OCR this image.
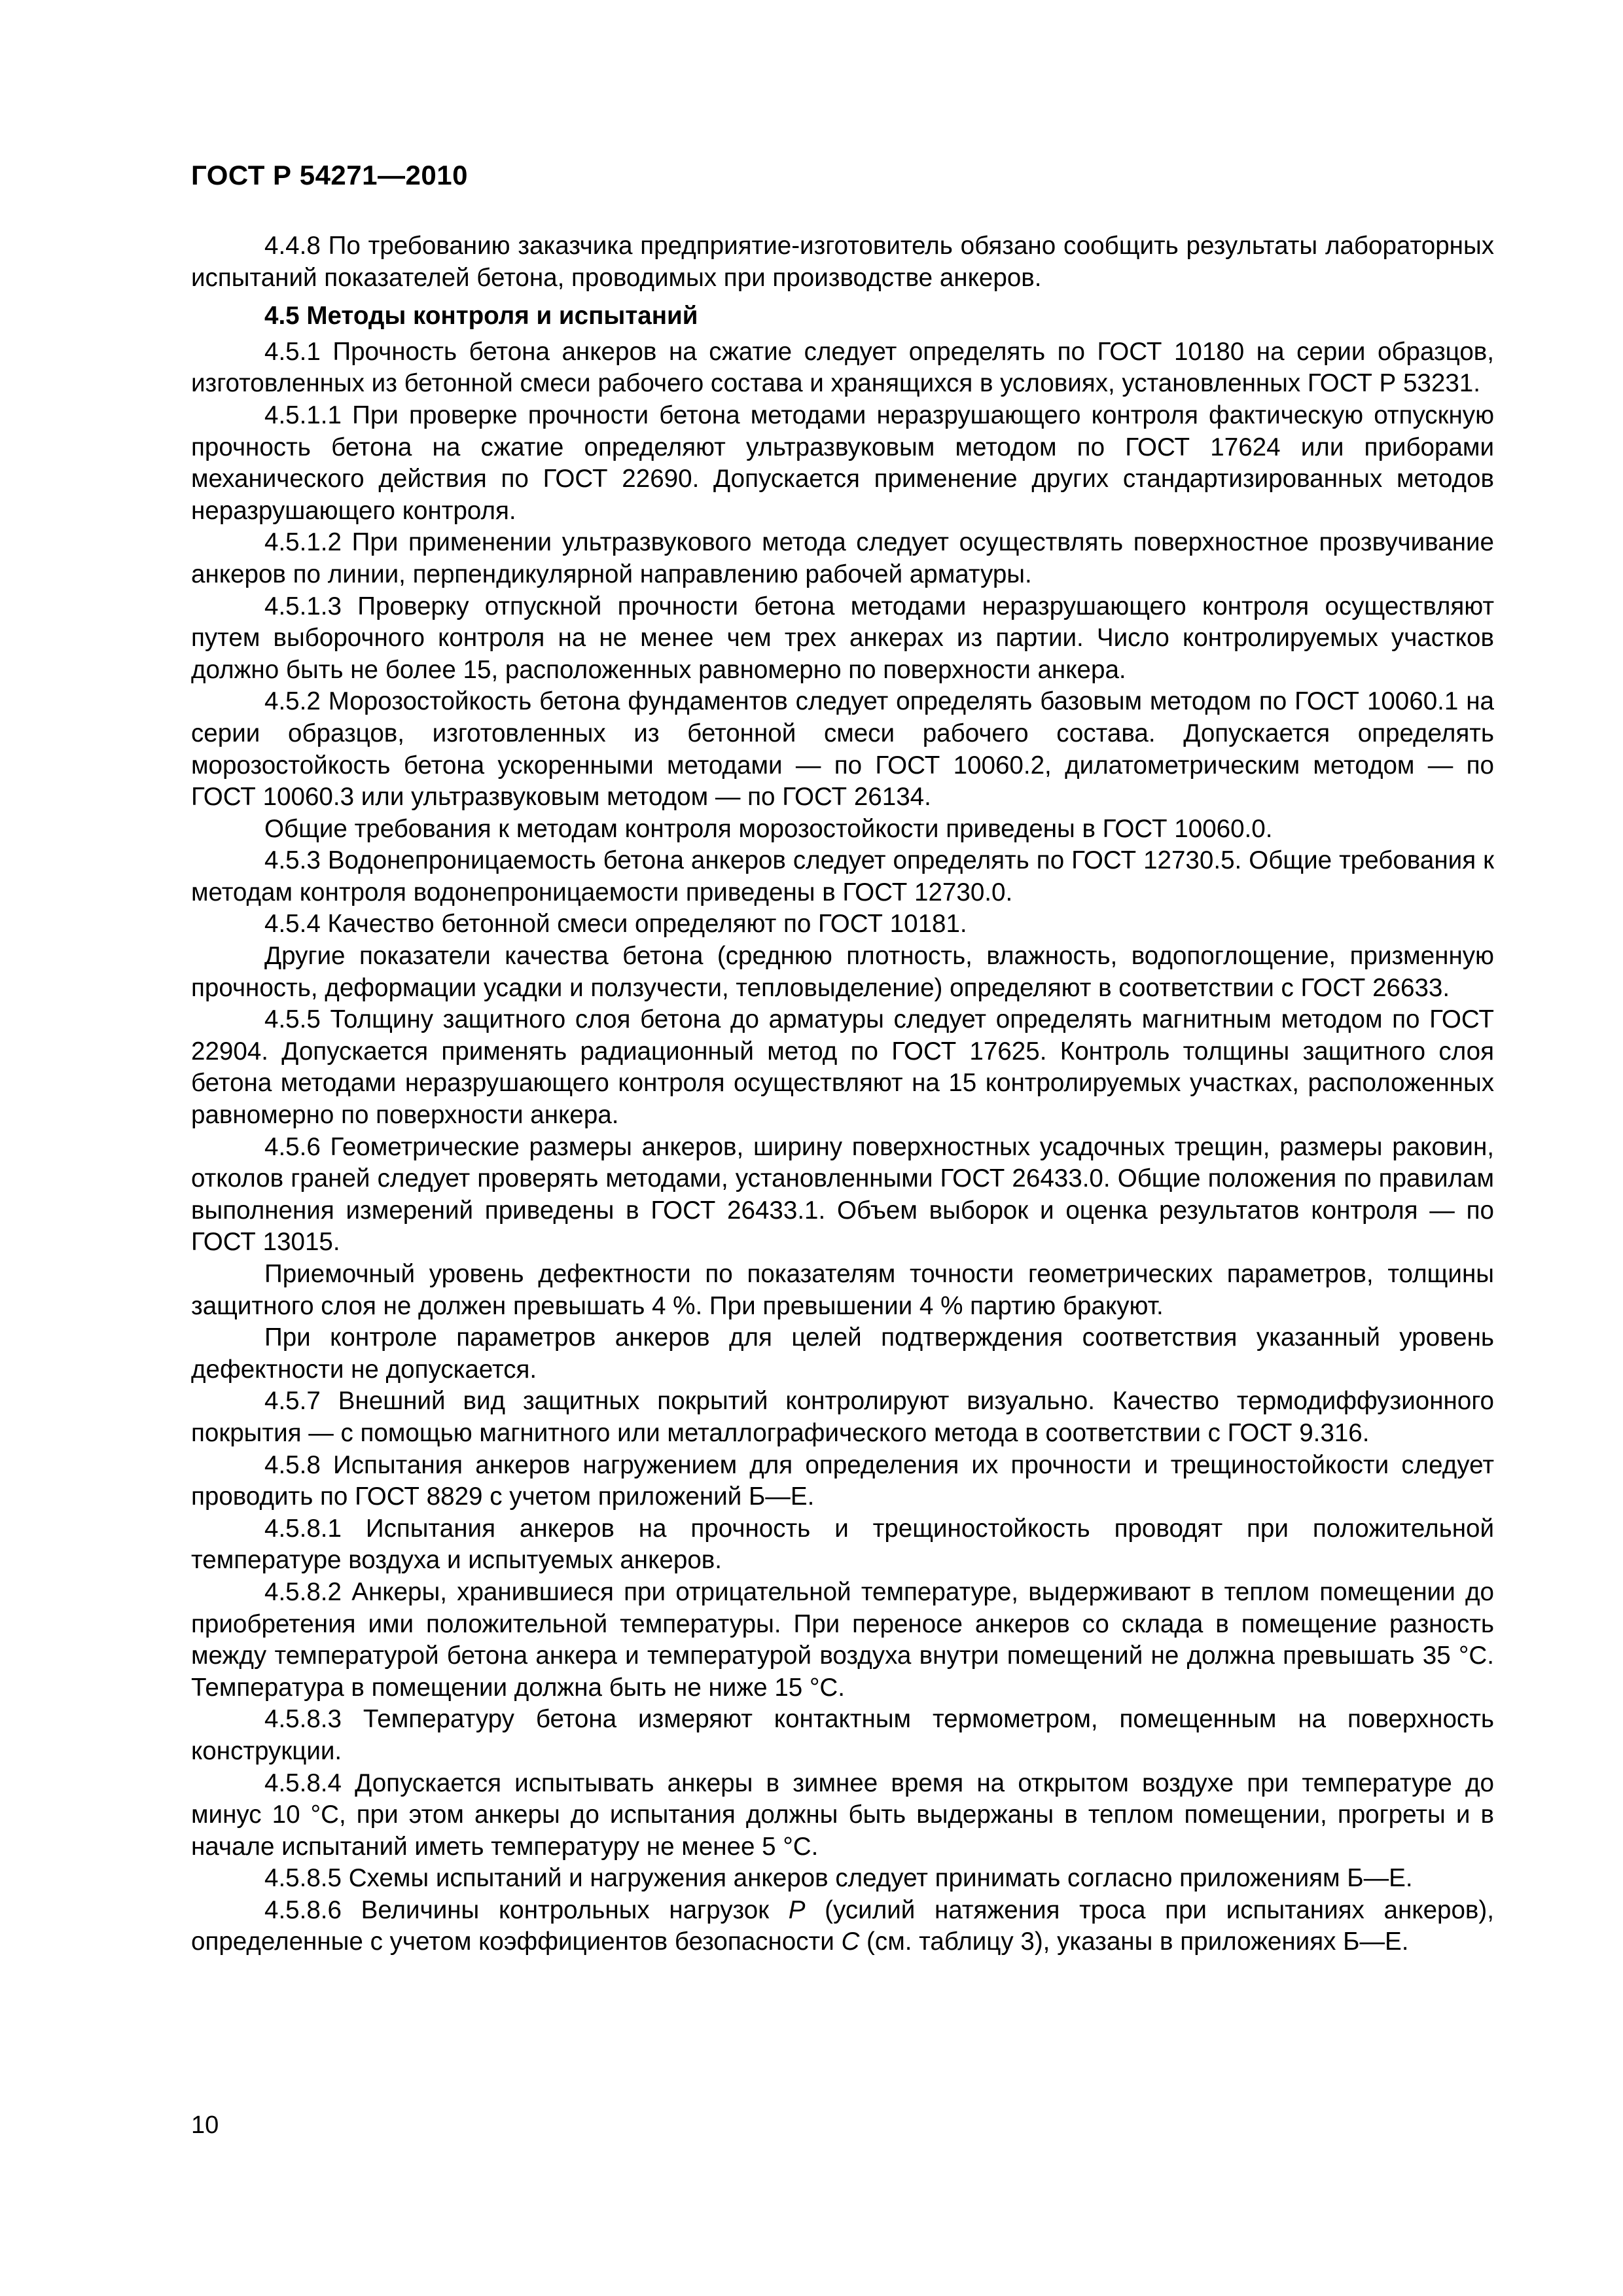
ГОСТ Р 54271—2010

4.4.8 По требованию заказчика предприятие-изготовитель обязано сообщить результаты лабораторных испытаний показателей бетона, проводимых при производстве анкеров.

4.5 Методы контроля и испытаний

4.5.1 Прочность бетона анкеров на сжатие следует определять по ГОСТ 10180 на серии образцов, изготовленных из бетонной смеси рабочего состава и хранящихся в условиях, установленных ГОСТ Р 53231.

4.5.1.1 При проверке прочности бетона методами неразрушающего контроля фактическую отпускную прочность бетона на сжатие определяют ультразвуковым методом по ГОСТ 17624 или приборами механического действия по ГОСТ 22690. Допускается применение других стандартизированных методов неразрушающего контроля.

4.5.1.2 При применении ультразвукового метода следует осуществлять поверхностное прозвучивание анкеров по линии, перпендикулярной направлению рабочей арматуры.

4.5.1.3 Проверку отпускной прочности бетона методами неразрушающего контроля осуществляют путем выборочного контроля на не менее чем трех анкерах из партии. Число контролируемых участков должно быть не более 15, расположенных равномерно по поверхности анкера.

4.5.2 Морозостойкость бетона фундаментов следует определять базовым методом по ГОСТ 10060.1 на серии образцов, изготовленных из бетонной смеси рабочего состава. Допускается определять морозостойкость бетона ускоренными методами — по ГОСТ 10060.2, дилатометрическим методом — по ГОСТ 10060.3 или ультразвуковым методом — по ГОСТ 26134.

Общие требования к методам контроля морозостойкости приведены в ГОСТ 10060.0.

4.5.3 Водонепроницаемость бетона анкеров следует определять по ГОСТ 12730.5. Общие требования к методам контроля водонепроницаемости приведены в ГОСТ 12730.0.

4.5.4 Качество бетонной смеси определяют по ГОСТ 10181.

Другие показатели качества бетона (среднюю плотность, влажность, водопоглощение, призменную прочность, деформации усадки и ползучести, тепловыделение) определяют в соответствии с ГОСТ 26633.

4.5.5 Толщину защитного слоя бетона до арматуры следует определять магнитным методом по ГОСТ 22904. Допускается применять радиационный метод по ГОСТ 17625. Контроль толщины защитного слоя бетона методами неразрушающего контроля осуществляют на 15 контролируемых участках, расположенных равномерно по поверхности анкера.

4.5.6 Геометрические размеры анкеров, ширину поверхностных усадочных трещин, размеры раковин, отколов граней следует проверять методами, установленными ГОСТ 26433.0. Общие положения по правилам выполнения измерений приведены в ГОСТ 26433.1. Объем выборок и оценка результатов контроля — по ГОСТ 13015.

Приемочный уровень дефектности по показателям точности геометрических параметров, толщины защитного слоя не должен превышать 4 %. При превышении 4 % партию бракуют.

При контроле параметров анкеров для целей подтверждения соответствия указанный уровень дефектности не допускается.

4.5.7 Внешний вид защитных покрытий контролируют визуально. Качество термодиффузионного покрытия — с помощью магнитного или металлографического метода в соответствии с ГОСТ 9.316.

4.5.8 Испытания анкеров нагружением для определения их прочности и трещиностойкости следует проводить по ГОСТ 8829 с учетом приложений Б—Е.

4.5.8.1 Испытания анкеров на прочность и трещиностойкость проводят при положительной температуре воздуха и испытуемых анкеров.

4.5.8.2 Анкеры, хранившиеся при отрицательной температуре, выдерживают в теплом помещении до приобретения ими положительной температуры. При переносе анкеров со склада в помещение разность между температурой бетона анкера и температурой воздуха внутри помещений не должна превышать 35 °С. Температура в помещении должна быть не ниже 15 °С.

4.5.8.3 Температуру бетона измеряют контактным термометром, помещенным на поверхность конструкции.

4.5.8.4 Допускается испытывать анкеры в зимнее время на открытом воздухе при температуре до минус 10 °С, при этом анкеры до испытания должны быть выдержаны в теплом помещении, прогреты и в начале испытаний иметь температуру не менее 5 °С.

4.5.8.5 Схемы испытаний и нагружения анкеров следует принимать согласно приложениям Б—Е.

4.5.8.6 Величины контрольных нагрузок Р (усилий натяжения троса при испытаниях анкеров), определенные с учетом коэффициентов безопасности С (см. таблицу 3), указаны в приложениях Б—Е.

10
